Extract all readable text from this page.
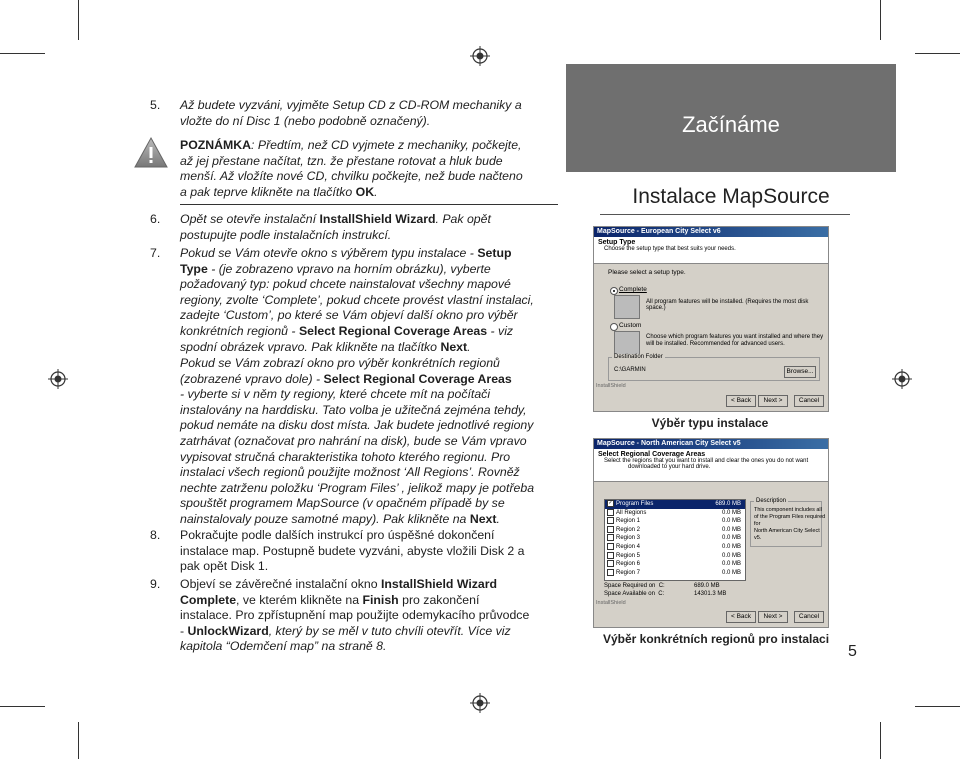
5. Až budete vyzváni, vyjměte Setup CD z CD-ROM mechaniky a
vložte do ní Disc 1 (nebo podobně označený).
POZNÁMKA: Předtím, než CD vyjmete z mechaniky, počkejte,
až jej přestane načítat, tzn. že přestane rotovat a hluk bude
menší. Až vložíte nové CD, chvilku počkejte, než bude načteno
a pak teprve klikněte na tlačítko OK.
6. Opět se otevře instalační InstallShield Wizard. Pak opět
postupujte podle instalačních instrukcí.
7. Pokud se Vám otevře okno s výběrem typu instalace - Setup
Type - (je zobrazeno vpravo na horním obrázku), vyberte
požadovaný typ: pokud chcete nainstalovat všechny mapové
regiony, zvolte ‘Complete’, pokud chcete provést vlastní instalaci,
zadejte ‘Custom’, po které se Vám objeví další okno pro výběr
konkrétních regionů - Select Regional Coverage Areas - viz
spodní obrázek vpravo. Pak klikněte na tlačítko Next.
Pokud se Vám zobrazí okno pro výběr konkrétních regionů
(zobrazené vpravo dole) - Select Regional Coverage Areas
- vyberte si v něm ty regiony, které chcete mít na počítači
instalovány na harddisku. Tato volba je užitečná zejména tehdy,
pokud nemáte na disku dost místa. Jak budete jednotlivé regiony
zatrhávat (označovat pro nahrání na disk), bude se Vám vpravo
vypisovat stručná charakteristika tohoto kterého regionu. Pro
instalaci všech regionů použijte možnost ‘All Regions’. Rovněž
nechte zatrženu položku ‘Program Files’ , jelikož mapy je potřeba
spouštět programem MapSource (v opačném případě by se
nainstalovaly pouze samotné mapy). Pak klikněte na Next.
8. Pokračujte podle dalších instrukcí pro úspěšné dokončení
instalace map. Postupně budete vyzváni, abyste vložili Disk 2 a
pak opět Disk 1.
9. Objeví se závěrečné instalační okno InstallShield Wizard
Complete, ve kterém klikněte na Finish pro zakončení
instalace. Pro zpřístupnění map použijte odemykacího průvodce
- UnlockWizard, který by se měl v tuto chvíli otevřít. Více viz
kapitola “Odemčení map” na straně 8.
Začínáme
Instalace MapSource
MapSource - European City Select v6
Setup Type
Choose the setup type that best suits your needs.
Please select a setup type.
Complete
All program features will be installed. (Requires the most disk space.)
Custom
Choose which program features you want installed and where they
will be installed. Recommended for advanced users.
Destination Folder
C:\GARMIN	Browse...
InstallShield
< Back	Next >	Cancel
Výběr typu instalace
MapSource - North American City Select v5
Select Regional Coverage Areas
Select the regions that you want to install and clear the ones you do not want
downloaded to your hard drive.
✓ Program Files	689.0 MB
All Regions	0.0 MB
Region 1	0.0 MB
Region 2	0.0 MB
Region 3	0.0 MB
Region 4	0.0 MB
Region 5	0.0 MB
Region 6	0.0 MB
Region 7	0.0 MB
Description
This component includes all
of the Program Files required for
North American City Select v5.
Space Required on C:	689.0 MB
Space Available on C:	14301.3 MB
InstallShield
< Back	Next >	Cancel
Výběr konkrétních regionů pro instalaci
5
